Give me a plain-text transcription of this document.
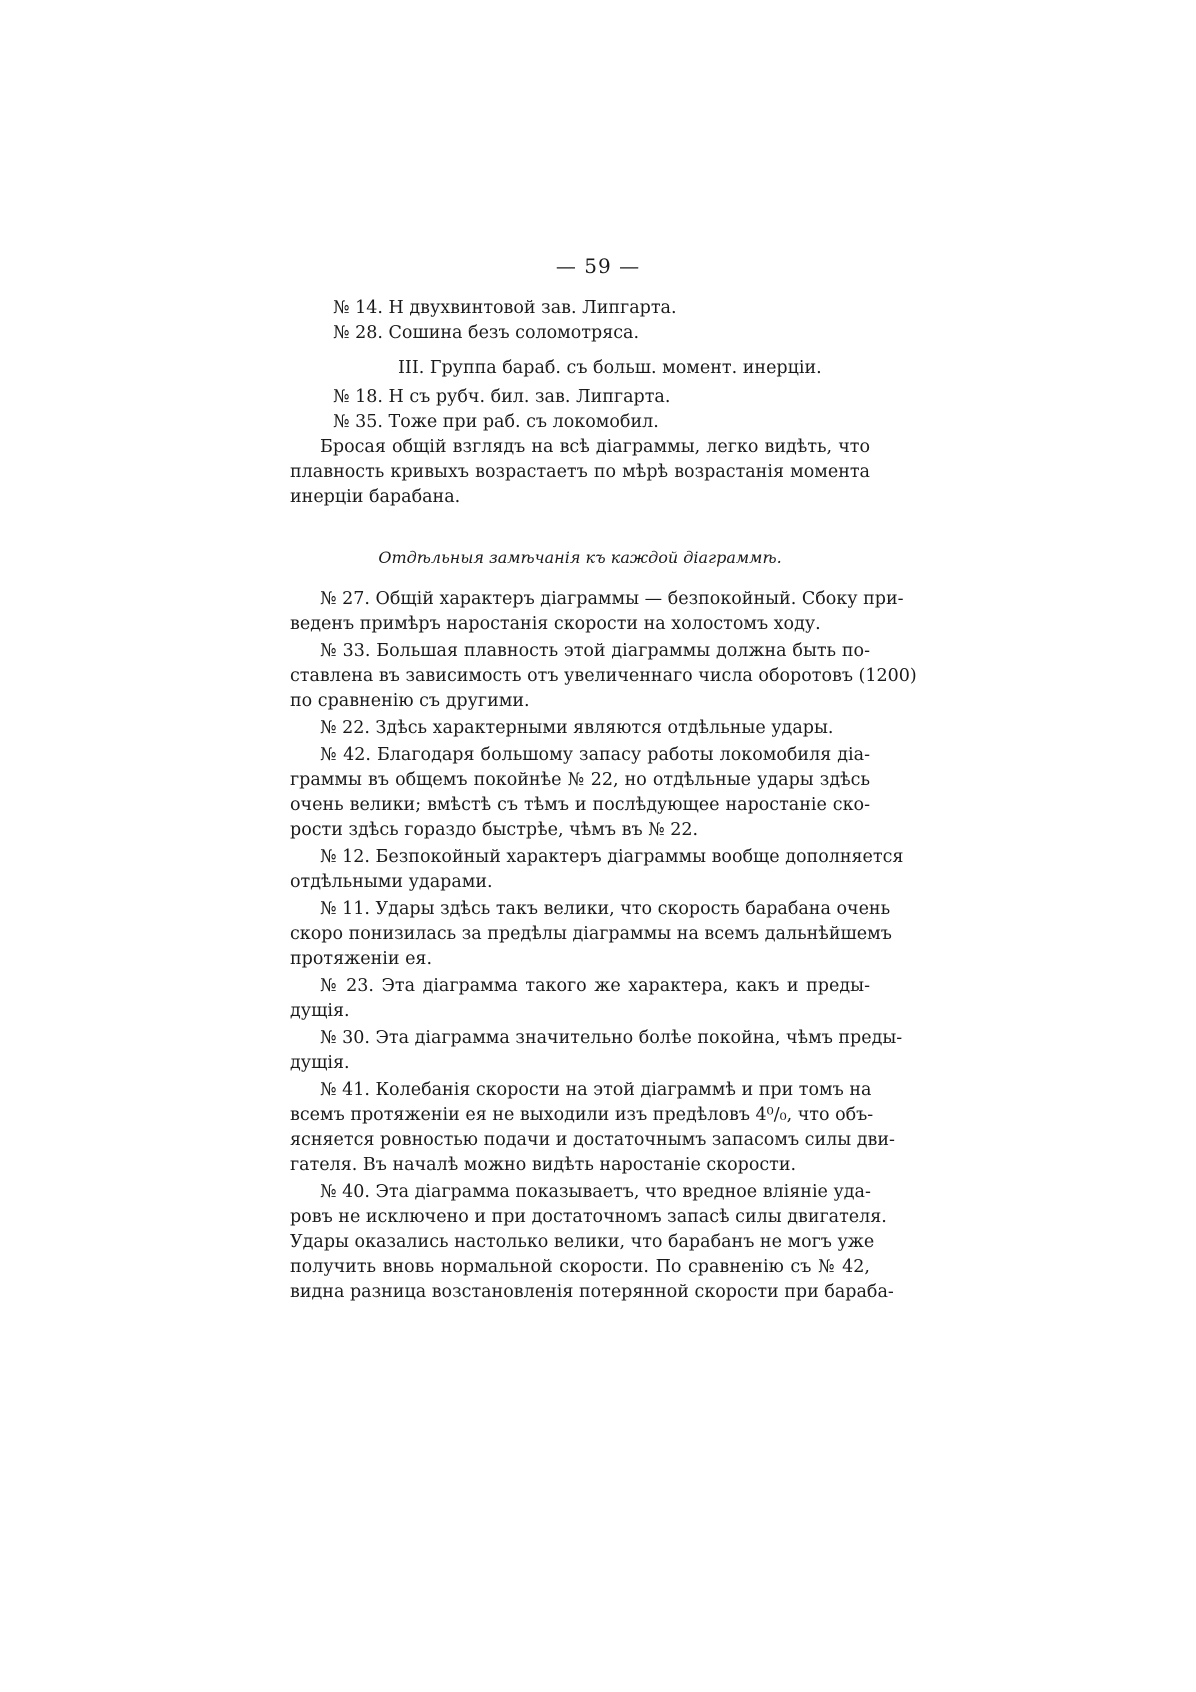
— 59 —
№ 14. Н двухвинтовой зав. Липгарта.
№ 28. Сошина безъ соломотряса.
III. Группа бараб. съ больш. момент. инерціи.
№ 18. Н съ рубч. бил. зав. Липгарта.
№ 35. Тоже при раб. съ локомобил.
Бросая общій взглядъ на всѣ діаграммы, легко видѣть, что
плавность кривыхъ возрастаетъ по мѣрѣ возрастанія момента
инерціи барабана.
Отдѣльныя замѣчанія къ каждой діаграммѣ.
№ 27. Общій характеръ діаграммы — безпокойный. Сбоку при-
веденъ примѣръ наростанія скорости на холостомъ ходу.
№ 33. Большая плавность этой діаграммы должна быть по-
ставлена въ зависимость отъ увеличеннаго числа оборотовъ (1200)
по сравненію съ другими.
№ 22. Здѣсь характерными являются отдѣльные удары.
№ 42. Благодаря большому запасу работы локомобиля діа-
граммы въ общемъ покойнѣе № 22, но отдѣльные удары здѣсь
очень велики; вмѣстѣ съ тѣмъ и послѣдующее наростаніе ско-
рости здѣсь гораздо быстрѣе, чѣмъ въ № 22.
№ 12. Безпокойный характеръ діаграммы вообще дополняется
отдѣльными ударами.
№ 11. Удары здѣсь такъ велики, что скорость барабана очень
скоро понизилась за предѣлы діаграммы на всемъ дальнѣйшемъ
протяженіи ея.
№ 23. Эта діаграмма такого же характера, какъ и преды-
дущія.
№ 30. Эта діаграмма значительно болѣе покойна, чѣмъ преды-
дущія.
№ 41. Колебанія скорости на этой діаграммѣ и при томъ на
всемъ протяженіи ея не выходили изъ предѣловъ 4⁰/₀, что объ-
ясняется ровностью подачи и достаточнымъ запасомъ силы дви-
гателя. Въ началѣ можно видѣть наростаніе скорости.
№ 40. Эта діаграмма показываетъ, что вредное вліяніе уда-
ровъ не исключено и при достаточномъ запасѣ силы двигателя.
Удары оказались настолько велики, что барабанъ не могъ уже
получить вновь нормальной скорости. По сравненію съ № 42,
видна разница возстановленія потерянной скорости при бараба-
